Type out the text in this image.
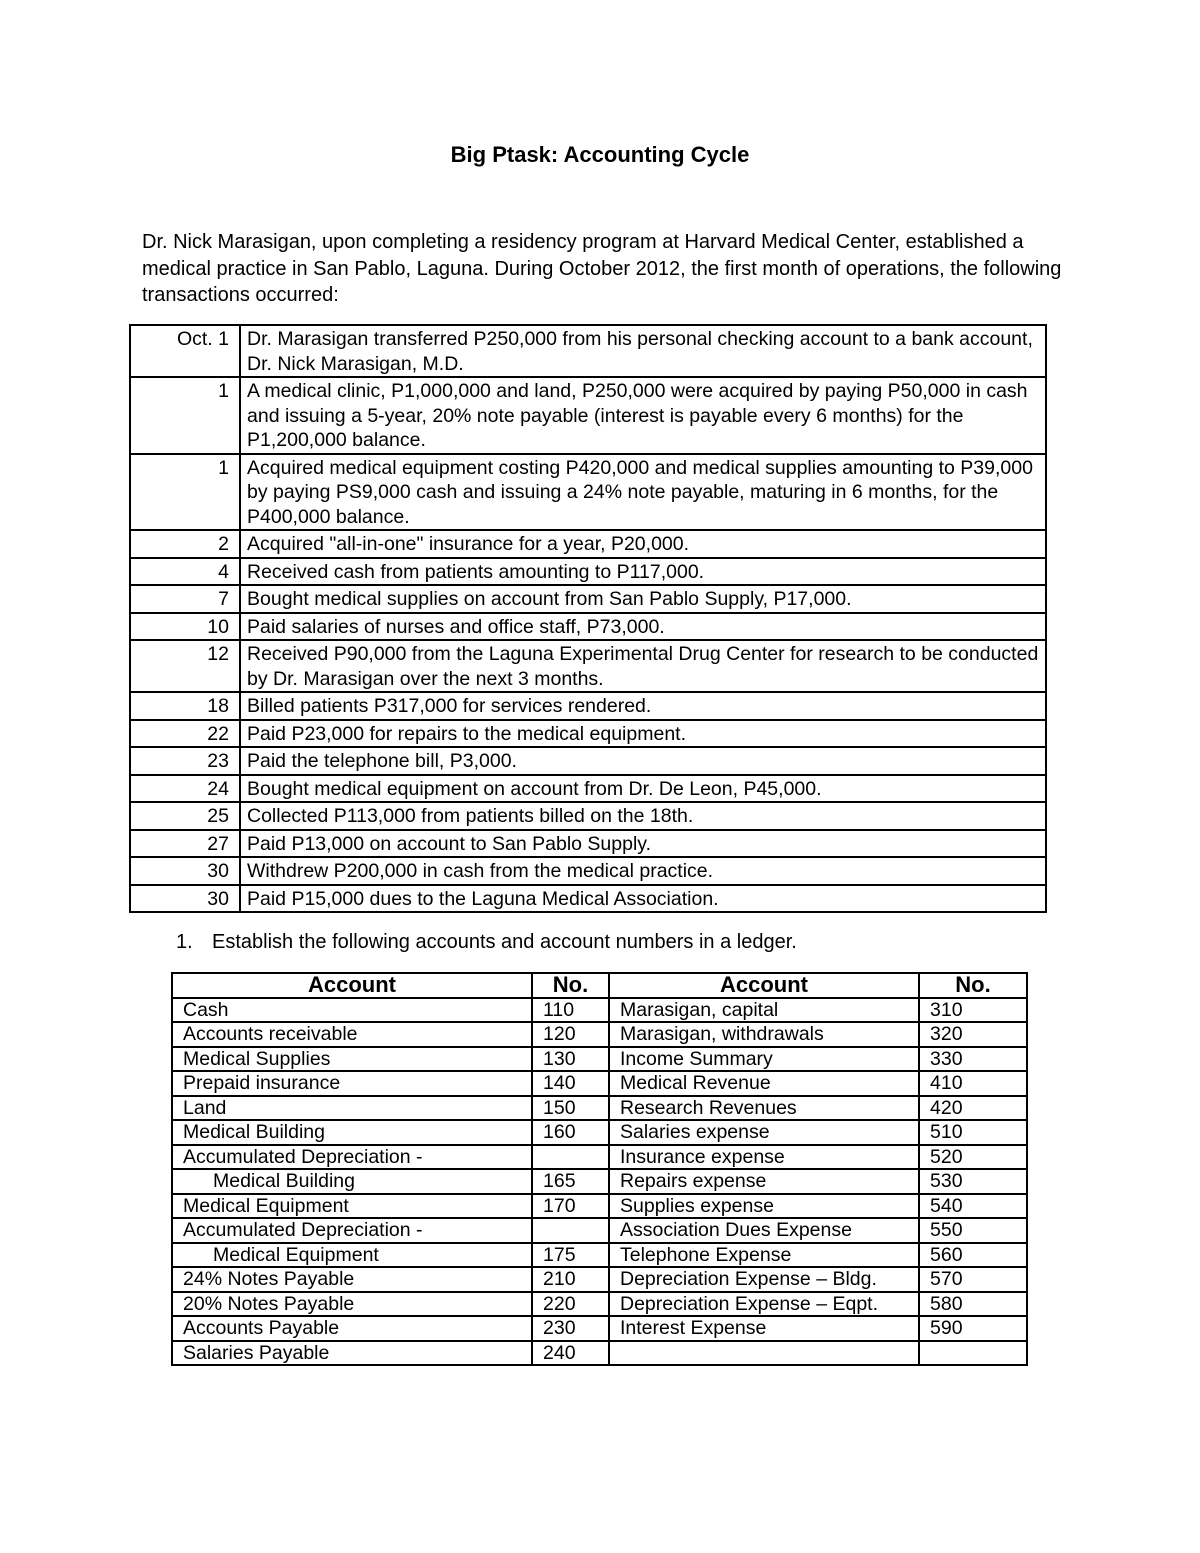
Big Ptask: Accounting Cycle
Dr. Nick Marasigan, upon completing a residency program at Harvard Medical Center, established a medical practice in San Pablo, Laguna. During October 2012, the first month of operations, the following transactions occurred:
Oct. 1	Dr. Marasigan transferred P250,000 from his personal checking account to a bank account, Dr. Nick Marasigan, M.D.
1	A medical clinic, P1,000,000 and land, P250,000 were acquired by paying P50,000 in cash and issuing a 5-year, 20% note payable (interest is payable every 6 months) for the P1,200,000 balance.
1	Acquired medical equipment costing P420,000 and medical supplies amounting to P39,000 by paying PS9,000 cash and issuing a 24% note payable, maturing in 6 months, for the P400,000 balance.
2	Acquired "all-in-one" insurance for a year, P20,000.
4	Received cash from patients amounting to P117,000.
7	Bought medical supplies on account from San Pablo Supply, P17,000.
10	Paid salaries of nurses and office staff, P73,000.
12	Received P90,000 from the Laguna Experimental Drug Center for research to be conducted by Dr. Marasigan over the next 3 months.
18	Billed patients P317,000 for services rendered.
22	Paid P23,000 for repairs to the medical equipment.
23	Paid the telephone bill, P3,000.
24	Bought medical equipment on account from Dr. De Leon, P45,000.
25	Collected P113,000 from patients billed on the 18th.
27	Paid P13,000 on account to San Pablo Supply.
30	Withdrew P200,000 in cash from the medical practice.
30	Paid P15,000 dues to the Laguna Medical Association.
1. Establish the following accounts and account numbers in a ledger.
Account	No.	Account	No.
Cash	110	Marasigan, capital	310
Accounts receivable	120	Marasigan, withdrawals	320
Medical Supplies	130	Income Summary	330
Prepaid insurance	140	Medical Revenue	410
Land	150	Research Revenues	420
Medical Building	160	Salaries expense	510
Accumulated Depreciation -		Insurance expense	520
Medical Building	165	Repairs expense	530
Medical Equipment	170	Supplies expense	540
Accumulated Depreciation -		Association Dues Expense	550
Medical Equipment	175	Telephone Expense	560
24% Notes Payable	210	Depreciation Expense – Bldg.	570
20% Notes Payable	220	Depreciation Expense – Eqpt.	580
Accounts Payable	230	Interest Expense	590
Salaries Payable	240		
